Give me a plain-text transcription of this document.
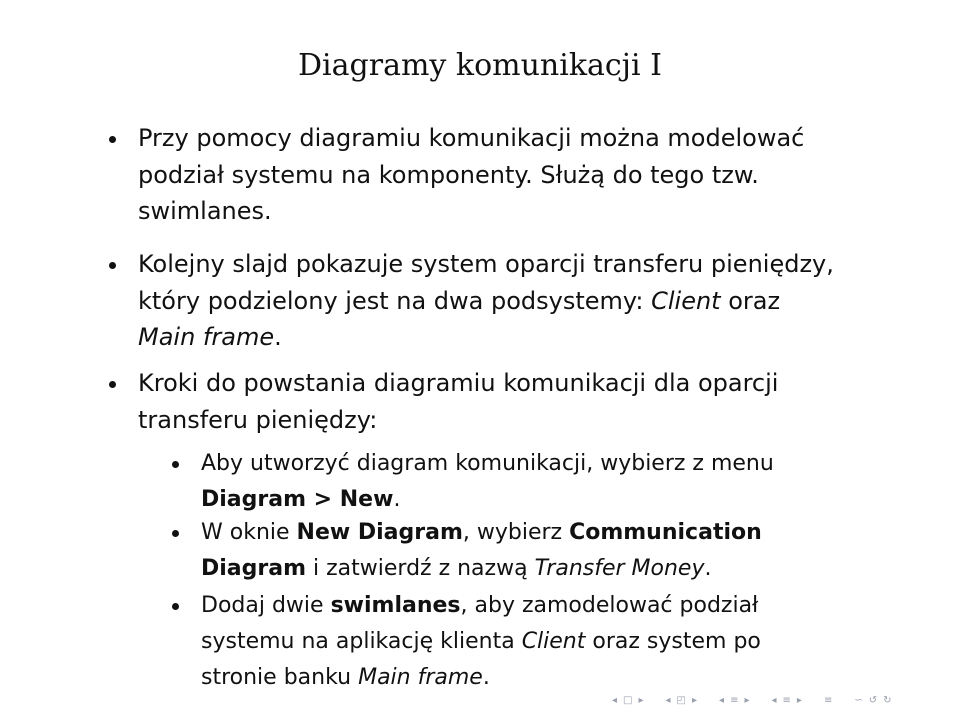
Diagramy komunikacji I
Przy pomocy diagramiu komunikacji można modelować
podział systemu na komponenty. Służą do tego tzw.
swimlanes.
Kolejny slajd pokazuje system oparcji transferu pieniędzy,
który podzielony jest na dwa podsystemy: Client oraz
Main frame.
Kroki do powstania diagramiu komunikacji dla oparcji
transferu pieniędzy:
Aby utworzyć diagram komunikacji, wybierz z menu
Diagram > New.
W oknie New Diagram, wybierz Communication
Diagram i zatwierdź z nazwą Transfer Money.
Dodaj dwie swimlanes, aby zamodelować podział
systemu na aplikację klienta Client oraz system po
stronie banku Main frame.
◂ □ ▸ ◂ ◰ ▸ ◂ ≡ ▸ ◂ ≡ ▸ ≡ ∽ ↺ ↻
